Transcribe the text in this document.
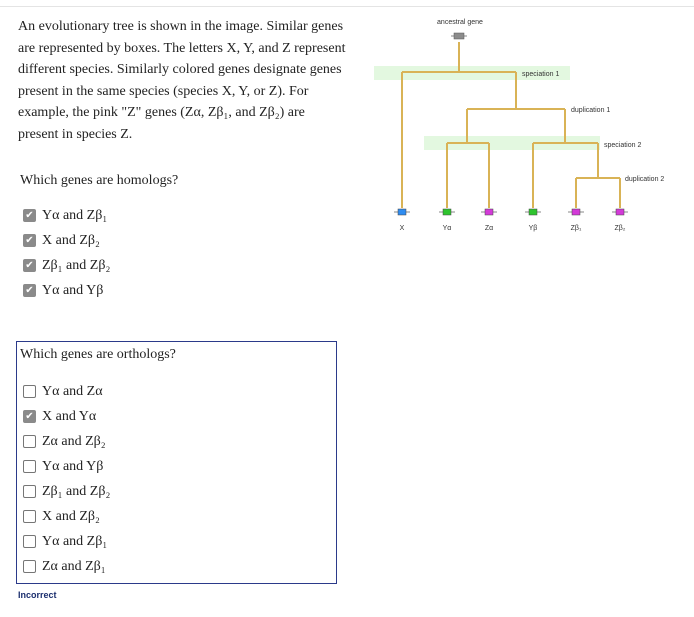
An evolutionary tree is shown in the image. Similar genes are represented by boxes. The letters X, Y, and Z represent different species. Similarly colored genes designate genes present in the same species (species X, Y, or Z). For example, the pink "Z" genes (Zα, Zβ₁, and Zβ₂) are present in species Z.
Which genes are homologs?
✔ Yα and Zβ₁
✔ X and Zβ₂
✔ Zβ₁ and Zβ₂
✔ Yα and Yβ
Which genes are orthologs?
Yα and Zα
✔ X and Yα
Zα and Zβ₂
Yα and Yβ
Zβ₁ and Zβ₂
X and Zβ₂
Yα and Zβ₁
Zα and Zβ₁
Incorrect
ancestral gene
speciation 1
duplication 1
speciation 2
duplication 2
X	Yα	Zα	Yβ	Zβ₁	Zβ₂
